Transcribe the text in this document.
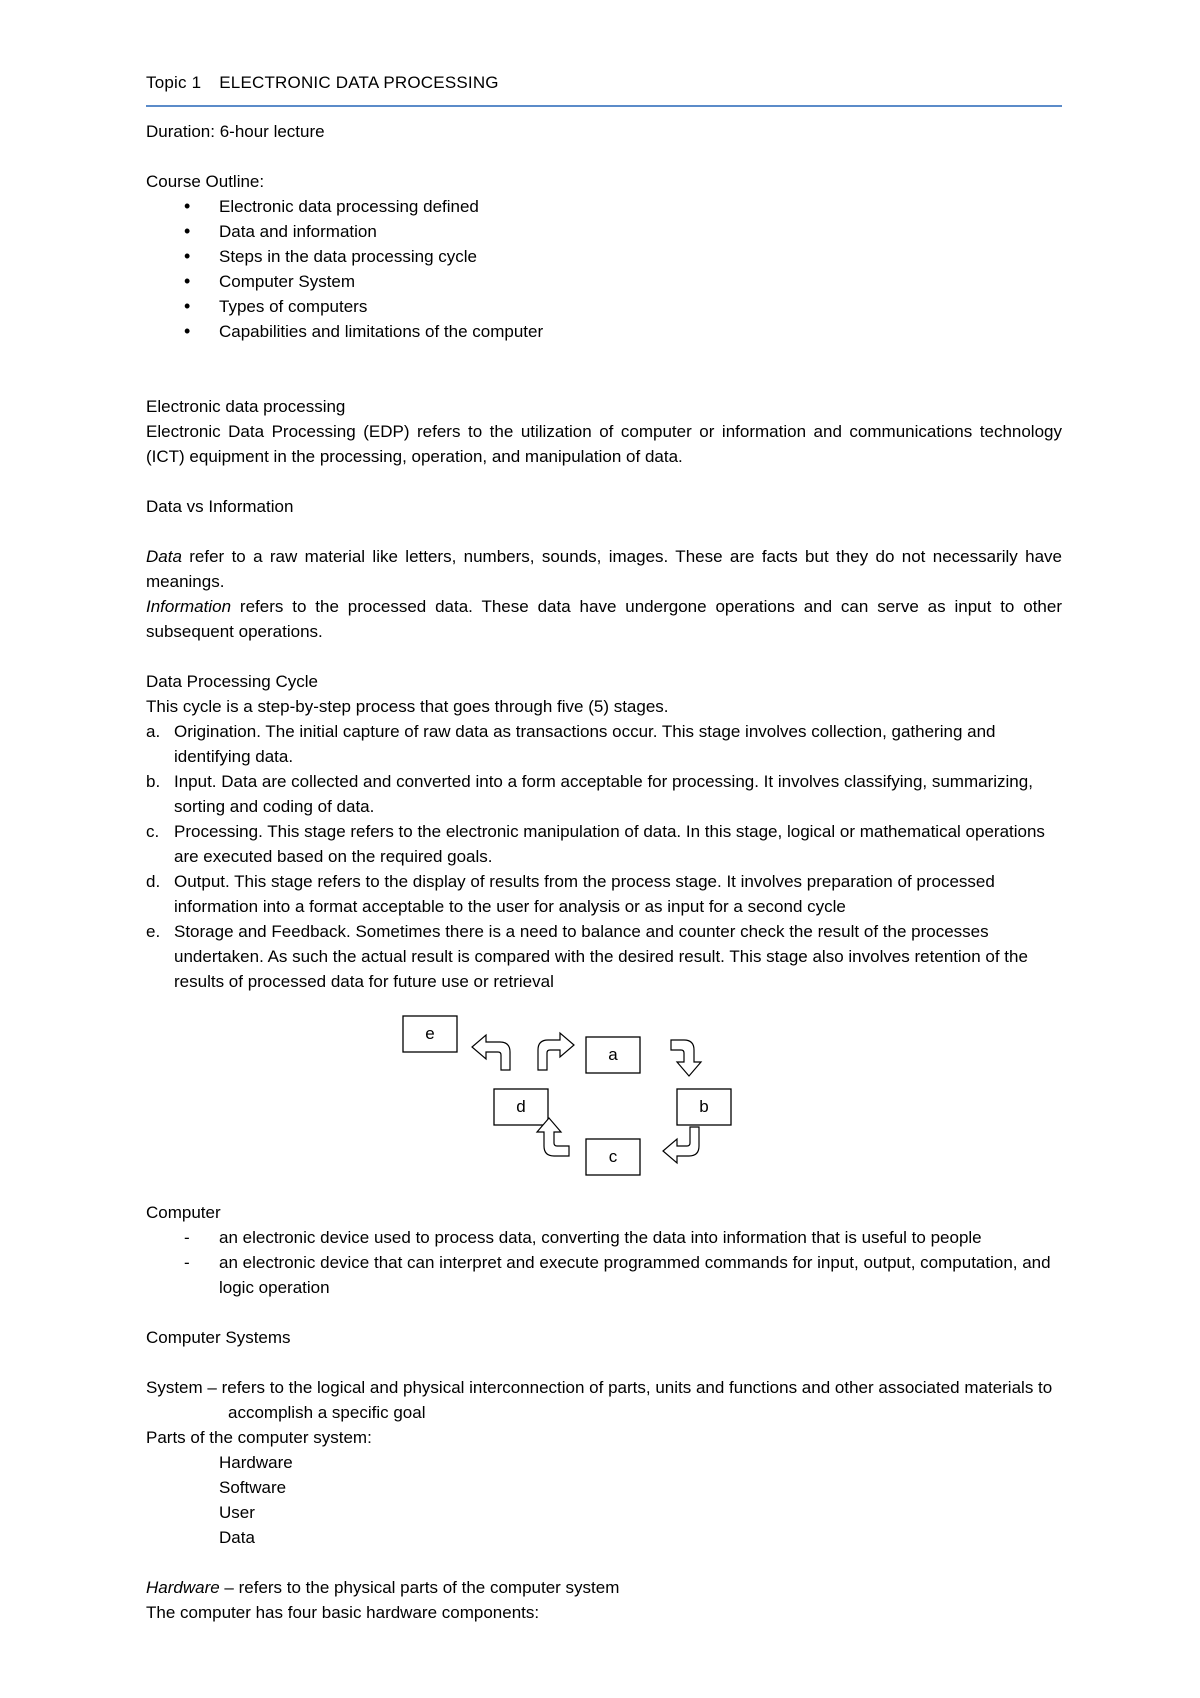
Topic 1 ELECTRONIC DATA PROCESSING

Duration: 6-hour lecture

Course Outline:

• Electronic data processing defined
• Data and information
• Steps in the data processing cycle
• Computer System
• Types of computers
• Capabilities and limitations of the computer

Electronic data processing

Electronic Data Processing (EDP) refers to the utilization of computer or information and communications technology (ICT) equipment in the processing, operation, and manipulation of data.

Data vs Information

Data refer to a raw material like letters, numbers, sounds, images. These are facts but they do not necessarily have meanings.

Information refers to the processed data. These data have undergone operations and can serve as input to other subsequent operations.

Data Processing Cycle

This cycle is a step-by-step process that goes through five (5) stages.

a. Origination. The initial capture of raw data as transactions occur. This stage involves collection, gathering and identifying data.
b. Input. Data are collected and converted into a form acceptable for processing. It involves classifying, summarizing, sorting and coding of data.
c. Processing. This stage refers to the electronic manipulation of data. In this stage, logical or mathematical operations are executed based on the required goals.
d. Output. This stage refers to the display of results from the process stage. It involves preparation of processed information into a format acceptable to the user for analysis or as input for a second cycle
e. Storage and Feedback. Sometimes there is a need to balance and counter check the result of the processes undertaken. As such the actual result is compared with the desired result. This stage also involves retention of the results of processed data for future use or retrieval
e
a
b
c
d

Computer

- an electronic device used to process data, converting the data into information that is useful to people
- an electronic device that can interpret and execute programmed commands for input, output, computation, and logic operation

Computer Systems

System – refers to the logical and physical interconnection of parts, units and functions and other associated materials to accomplish a specific goal

Parts of the computer system:

Hardware

Software

User

Data

Hardware – refers to the physical parts of the computer system

The computer has four basic hardware components:
